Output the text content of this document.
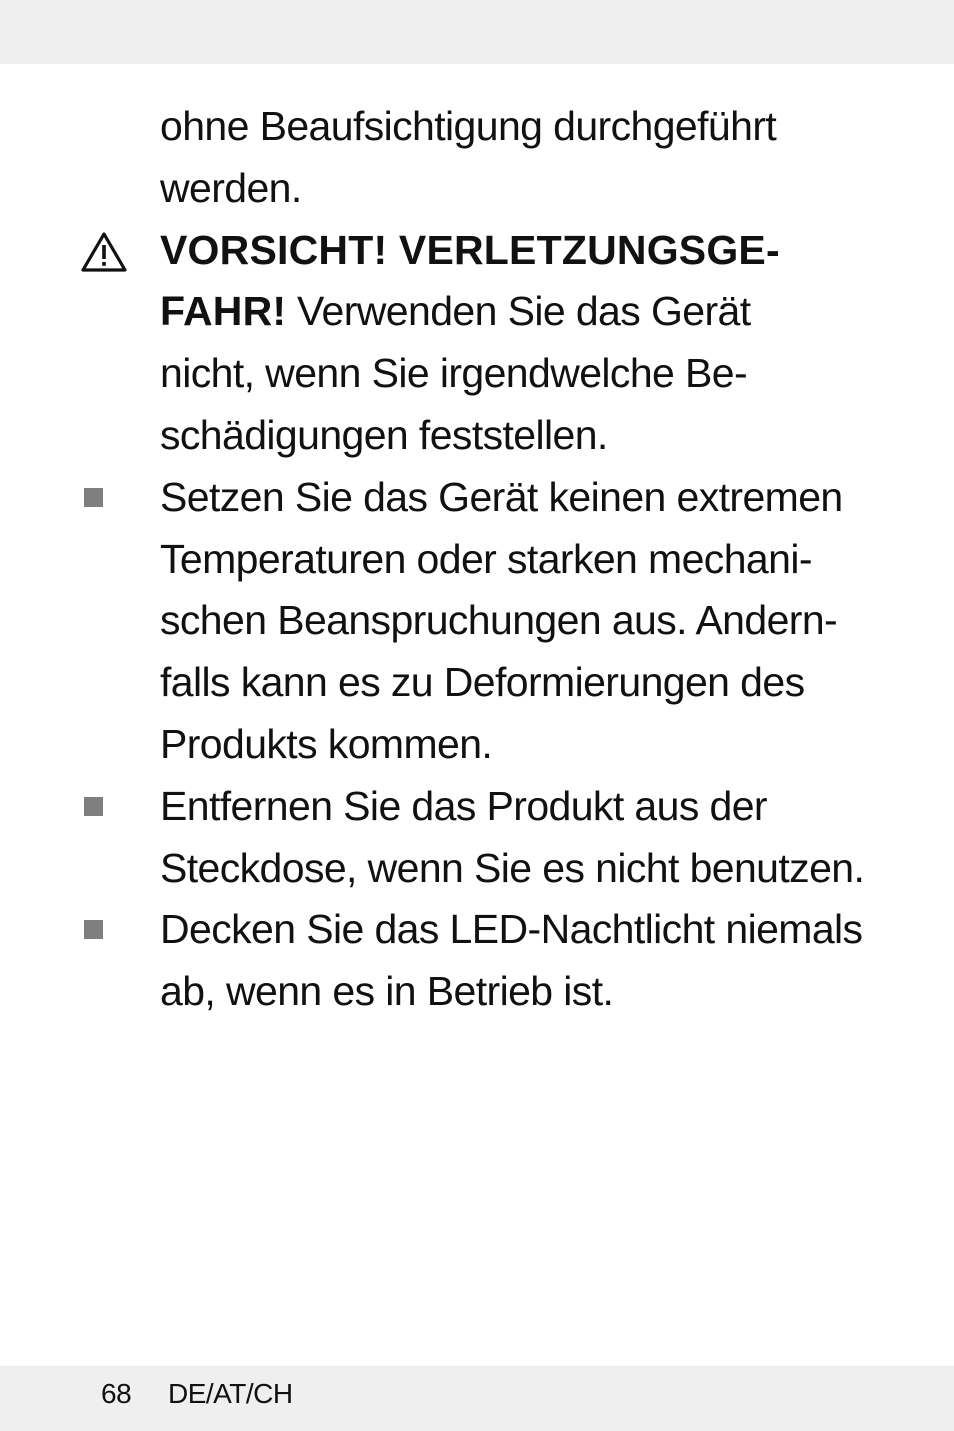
ohne Beaufsichtigung durchgeführt
werden.
VORSICHT! VERLETZUNGSGE-
FAHR! Verwenden Sie das Gerät
nicht, wenn Sie irgendwelche Be-
schädigungen feststellen.
Setzen Sie das Gerät keinen extremen
Temperaturen oder starken mechani-
schen Beanspruchungen aus. Andern-
falls kann es zu Deformierungen des
Produkts kommen.
Entfernen Sie das Produkt aus der
Steckdose, wenn Sie es nicht benutzen.
Decken Sie das LED-Nachtlicht niemals
ab, wenn es in Betrieb ist.
68 DE/AT/CH
